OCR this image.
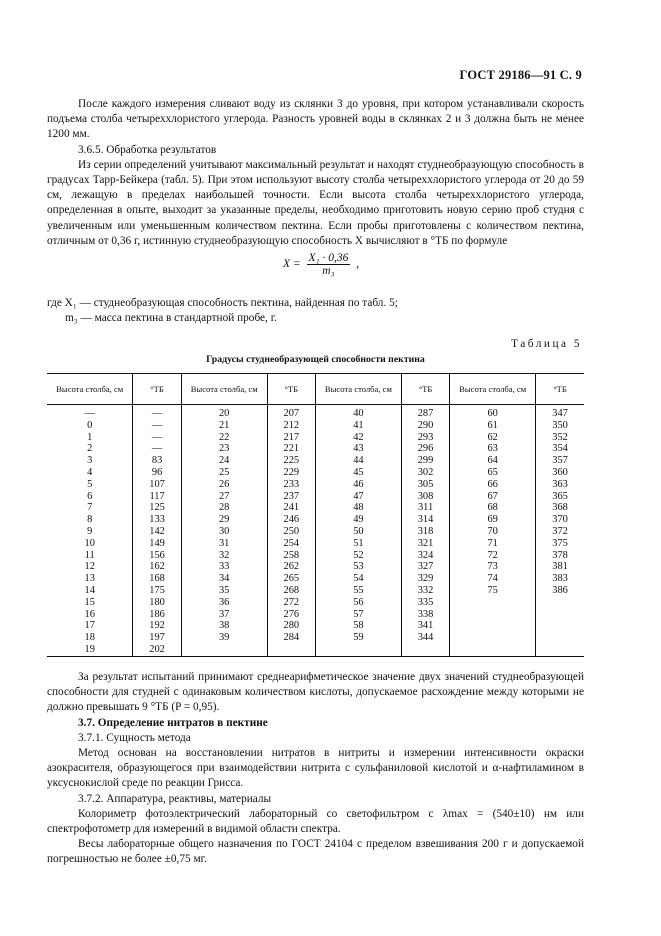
ГОСТ 29186—91 С. 9

После каждого измерения сливают воду из склянки 3 до уровня, при котором устанавливали скорость подъема столба четыреххлористого углерода. Разность уровней воды в склянках 2 и 3 должна быть не менее 1200 мм.

3.6.5. Обработка результатов

Из серии определений учитывают максимальный результат и находят студнеобразующую способность в градусах Тарр-Бейкера (табл. 5). При этом используют высоту столба четыреххлористого углерода от 20 до 59 см, лежащую в пределах наибольшей точности. Если высота столба четыреххлористого углерода, определенная в опыте, выходит за указанные пределы, необходимо приготовить новую серию проб студня с увеличенным или уменьшенным количеством пектина. Если пробы приготовлены с количеством пектина, отличным от 0,36 г, истинную студнеобразующую способность X вычисляют в °ТБ по формуле

$X = \frac{\text{X₁ · 0,36}}{\text{m₃}}$ ,
где X₁ — студнеобразующая способность пектина, найденная по табл. 5;
m₃ — масса пектина в стандартной пробе, г.
Таблица 5
Градусы студнеобразующей способности пектина
Высота столба, см	°ТБ	Высота столба, см	°ТБ	Высота столба, см	°ТБ	Высота столба, см	°ТБ
—	—	20	207	40	287	60	347
0	—	21	212	41	290	61	350
1	—	22	217	42	293	62	352
2	—	23	221	43	296	63	354
3	83	24	225	44	299	64	357
4	96	25	229	45	302	65	360
5	107	26	233	46	305	66	363
6	117	27	237	47	308	67	365
7	125	28	241	48	311	68	368
8	133	29	246	49	314	69	370
9	142	30	250	50	318	70	372
10	149	31	254	51	321	71	375
11	156	32	258	52	324	72	378
12	162	33	262	53	327	73	381
13	168	34	265	54	329	74	383
14	175	35	268	55	332	75	386
15	180	36	272	56	335		
16	186	37	276	57	338		
17	192	38	280	58	341		
18	197	39	284	59	344		
19	202						

За результат испытаний принимают среднеарифметическое значение двух значений студнеобразующей способности для студней с одинаковым количеством кислоты, допускаемое расхождение между которыми не должно превышать 9 °ТБ (P = 0,95).

3.7. Определение нитратов в пектине

3.7.1. Сущность метода

Метод основан на восстановлении нитратов в нитриты и измерении интенсивности окраски азокрасителя, образующегося при взаимодействии нитрита с сульфаниловой кислотой и α-нафтиламином в уксуснокислой среде по реакции Грисса.

3.7.2. Аппаратура, реактивы, материалы

Колориметр фотоэлектрический лабораторный со светофильтром с λmax = (540±10) нм или спектрофотометр для измерений в видимой области спектра.

Весы лабораторные общего назначения по ГОСТ 24104 с пределом взвешивания 200 г и допускаемой погрешностью не более ±0,75 мг.
